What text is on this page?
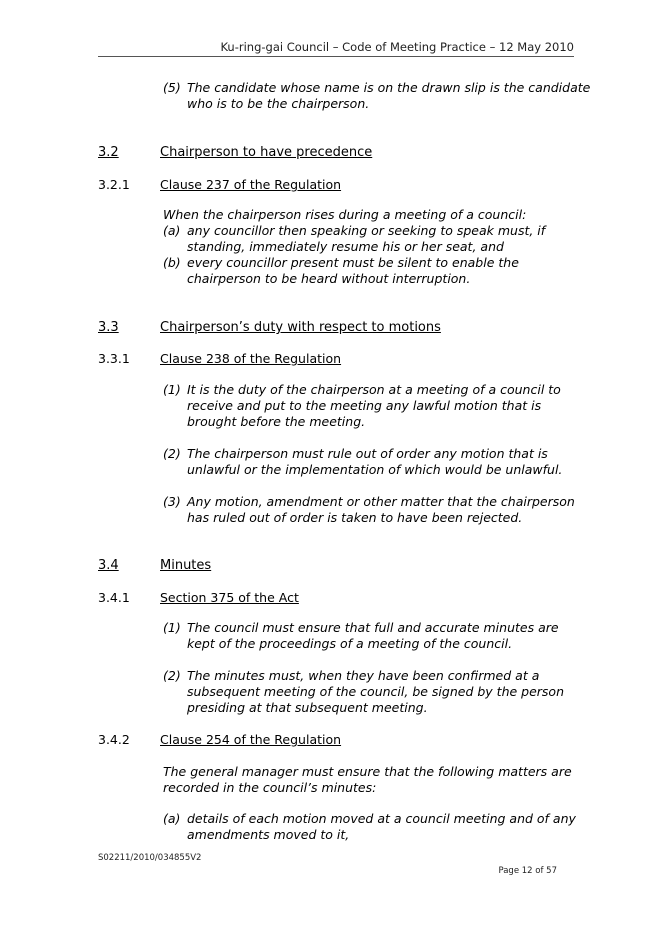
Ku-ring-gai Council – Code of Meeting Practice – 12 May 2010
(5) The candidate whose name is on the drawn slip is the candidate
who is to be the chairperson.
3.2	Chairperson to have precedence
3.2.1 Clause 237 of the Regulation
When the chairperson rises during a meeting of a council:
(a) any councillor then speaking or seeking to speak must, if
standing, immediately resume his or her seat, and
(b) every councillor present must be silent to enable the
chairperson to be heard without interruption.
3.3	Chairperson’s duty with respect to motions
3.3.1 Clause 238 of the Regulation
(1) It is the duty of the chairperson at a meeting of a council to
receive and put to the meeting any lawful motion that is
brought before the meeting.
(2) The chairperson must rule out of order any motion that is
unlawful or the implementation of which would be unlawful.
(3) Any motion, amendment or other matter that the chairperson
has ruled out of order is taken to have been rejected.
3.4	Minutes
3.4.1 Section 375 of the Act
(1) The council must ensure that full and accurate minutes are
kept of the proceedings of a meeting of the council.
(2) The minutes must, when they have been confirmed at a
subsequent meeting of the council, be signed by the person
presiding at that subsequent meeting.
3.4.2 Clause 254 of the Regulation
The general manager must ensure that the following matters are
recorded in the council’s minutes:
(a) details of each motion moved at a council meeting and of any
amendments moved to it,
S02211/2010/034855V2
Page 12 of 57
